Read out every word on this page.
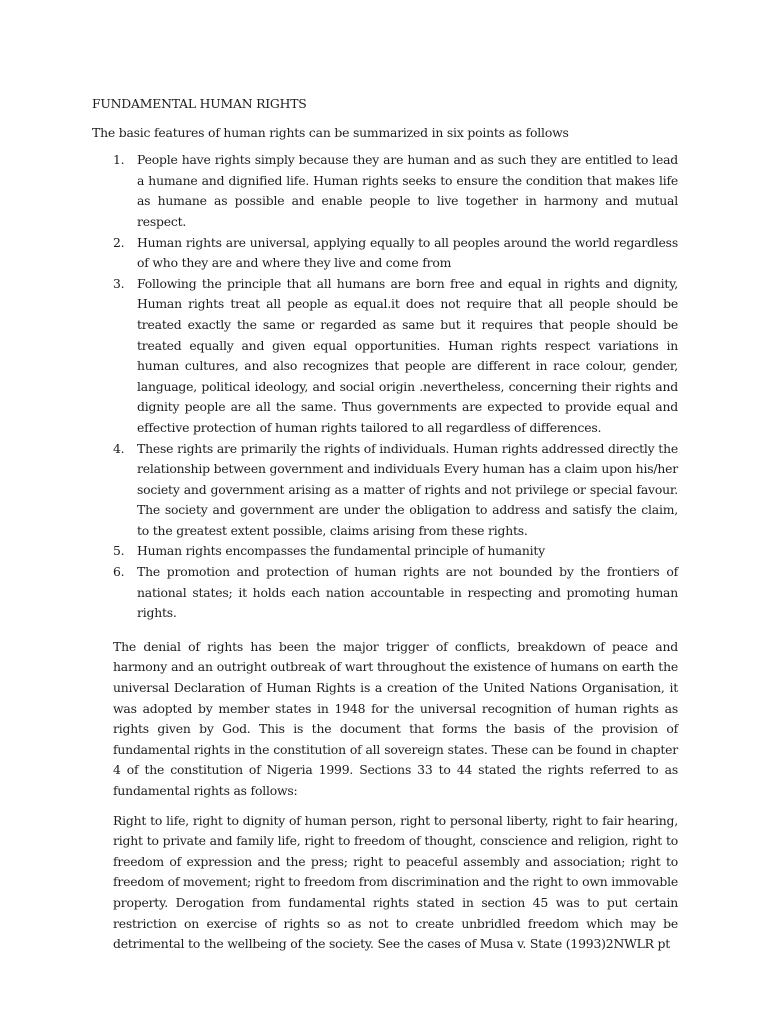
FUNDAMENTAL HUMAN RIGHTS
The basic features of human rights can be summarized in six points as follows
1. People have rights simply because they are human and as such they are entitled to lead a humane and dignified life. Human rights seeks to ensure the condition that makes life as humane as possible and enable people to live together in harmony and mutual respect.
2. Human rights are universal, applying equally to all peoples around the world regardless of who they are and where they live and come from
3. Following the principle that all humans are born free and equal in rights and dignity, Human rights treat all people as equal.it does not require that all people should be treated exactly the same or regarded as same but it requires that people should be treated equally and given equal opportunities. Human rights respect variations in human cultures, and also recognizes that people are different in race colour, gender, language, political ideology, and social origin .nevertheless, concerning their rights and dignity people are all the same. Thus governments are expected to provide equal and effective protection of human rights tailored to all regardless of differences.
4. These rights are primarily the rights of individuals. Human rights addressed directly the relationship between government and individuals Every human has a claim upon his/her society and government arising as a matter of rights and not privilege or special favour. The society and government are under the obligation to address and satisfy the claim, to the greatest extent possible, claims arising from these rights.
5. Human rights encompasses the fundamental principle of humanity
6. The promotion and protection of human rights are not bounded by the frontiers of national states; it holds each nation accountable in respecting and promoting human rights.

The denial of rights has been the major trigger of conflicts, breakdown of peace and harmony and an outright outbreak of wart throughout the existence of humans on earth the universal Declaration of Human Rights is a creation of the United Nations Organisation, it was adopted by member states in 1948 for the universal recognition of human rights as rights given by God. This is the document that forms the basis of the provision of fundamental rights in the constitution of all sovereign states. These can be found in chapter 4 of the constitution of Nigeria 1999. Sections 33 to 44 stated the rights referred to as fundamental rights as follows:

Right to life, right to dignity of human person, right to personal liberty, right to fair hearing, right to private and family life, right to freedom of thought, conscience and religion, right to freedom of expression and the press; right to peaceful assembly and association; right to freedom of movement; right to freedom from discrimination and the right to own immovable property. Derogation from fundamental rights stated in section 45 was to put certain restriction on exercise of rights so as not to create unbridled freedom which may be detrimental to the wellbeing of the society. See the cases of Musa v. State (1993)2NWLR pt
